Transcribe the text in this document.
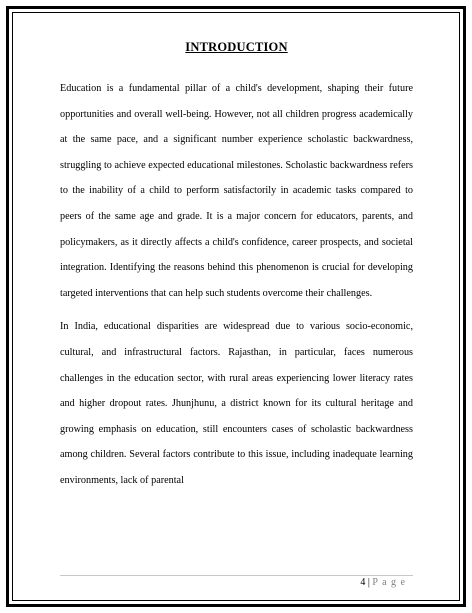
INTRODUCTION

Education is a fundamental pillar of a child's development, shaping their future opportunities and overall well-being. However, not all children progress academically at the same pace, and a significant number experience scholastic backwardness, struggling to achieve expected educational milestones. Scholastic backwardness refers to the inability of a child to perform satisfactorily in academic tasks compared to peers of the same age and grade. It is a major concern for educators, parents, and policymakers, as it directly affects a child's confidence, career prospects, and societal integration. Identifying the reasons behind this phenomenon is crucial for developing targeted interventions that can help such students overcome their challenges.

In India, educational disparities are widespread due to various socio-economic, cultural, and infrastructural factors. Rajasthan, in particular, faces numerous challenges in the education sector, with rural areas experiencing lower literacy rates and higher dropout rates. Jhunjhunu, a district known for its cultural heritage and growing emphasis on education, still encounters cases of scholastic backwardness among children. Several factors contribute to this issue, including inadequate learning environments, lack of parental

4 | P a g e
